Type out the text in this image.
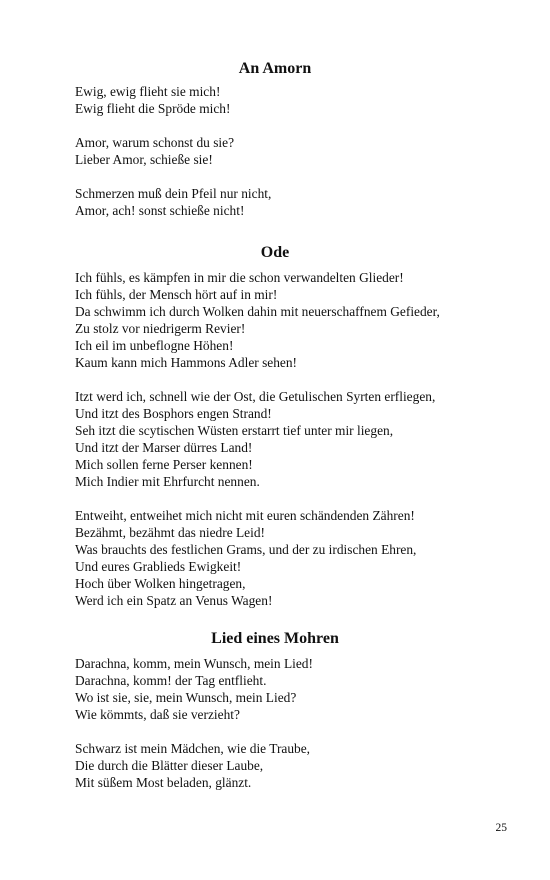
An Amorn
Ewig, ewig flieht sie mich!
Ewig flieht die Spröde mich!
Amor, warum schonst du sie?
Lieber Amor, schieße sie!
Schmerzen muß dein Pfeil nur nicht,
Amor, ach! sonst schieße nicht!
Ode
Ich fühls, es kämpfen in mir die schon verwandelten Glieder!
Ich fühls, der Mensch hört auf in mir!
Da schwimm ich durch Wolken dahin mit neuerschaffnem Gefieder,
Zu stolz vor niedrigerm Revier!
Ich eil im unbeflogne Höhen!
Kaum kann mich Hammons Adler sehen!
Itzt werd ich, schnell wie der Ost, die Getulischen Syrten erfliegen,
Und itzt des Bosphors engen Strand!
Seh itzt die scytischen Wüsten erstarrt tief unter mir liegen,
Und itzt der Marser dürres Land!
Mich sollen ferne Perser kennen!
Mich Indier mit Ehrfurcht nennen.
Entweiht, entweihet mich nicht mit euren schändenden Zähren!
Bezähmt, bezähmt das niedre Leid!
Was brauchts des festlichen Grams, und der zu irdischen Ehren,
Und eures Grablieds Ewigkeit!
Hoch über Wolken hingetragen,
Werd ich ein Spatz an Venus Wagen!
Lied eines Mohren
Darachna, komm, mein Wunsch, mein Lied!
Darachna, komm! der Tag entflieht.
Wo ist sie, sie, mein Wunsch, mein Lied?
Wie kömmts, daß sie verzieht?
Schwarz ist mein Mädchen, wie die Traube,
Die durch die Blätter dieser Laube,
Mit süßem Most beladen, glänzt.
25
